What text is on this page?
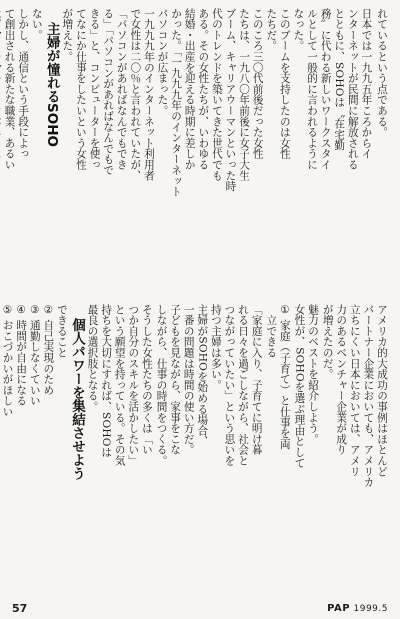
れているという点である。
日本では一九九五年ころからイ
ンターネットが民間に解放される
とともに、SOHOは〝在宅勤
務〟に代わる新しいワークスタイ
ルとして一般的に言われるように
なった。
このブームを支持したのは女性
たちだ。
このころ三〇代前後だった女性
たちは、一九八〇年前後に女子大生
ブーム、キャリアウーマンといった時
代のトレンドを築いてきた世代でも
ある。その女性たちが、いわゆる
結婚・出産を迎える時期に差しか
かった。「一九九九年のインターネット
パソコンが広まった。
一九九九年のインターネット利用者
で女性は二〇％と言われていたが、
「パソコンがあればなんでもでき
る」「パソコンがあればなんでもで
きる」と、コンピューターを使っ
てなにか仕事をしたいという女性
が増えた。
主婦が憧れるSOHO
ない。
しかし、通信という手段によっ
て創出される新たな職業、あるい
アメリカ的大成功の事例はほとんど
パートナー企業においても、アメリカ
立ちにくい日本においては、アメリ
力のあるベンチャー企業が成り
が増えたのだ。
魅力のベストを紹介しよう。
女性が、SOHOを選ぶ理由として
① 家庭（子育て）と仕事を両
　立できる
「家庭に入り、子育てに明け暮
れる日々を過ごしながら、社会と
つながっていたい」という思いを
持つ主婦は多い。
主婦がSOHOを始める場合、
一番の問題は時間の使い方だ。
子どもを見ながら、家事をこな
しながら、仕事の時間をつくる。
そうした女性たちの多くは「い
つか自分のスキルを活かしたい」
という願望を持っている。その気
持ちを大切にすれば、SOHOは
最良の選択肢となる。
個人パワーを集結させよう
できること
② 自己実現のため
③ 通勤しなくていい
④ 時間が自由になる
⑤ おこづかいがほしい
57	PAP 1999.5
